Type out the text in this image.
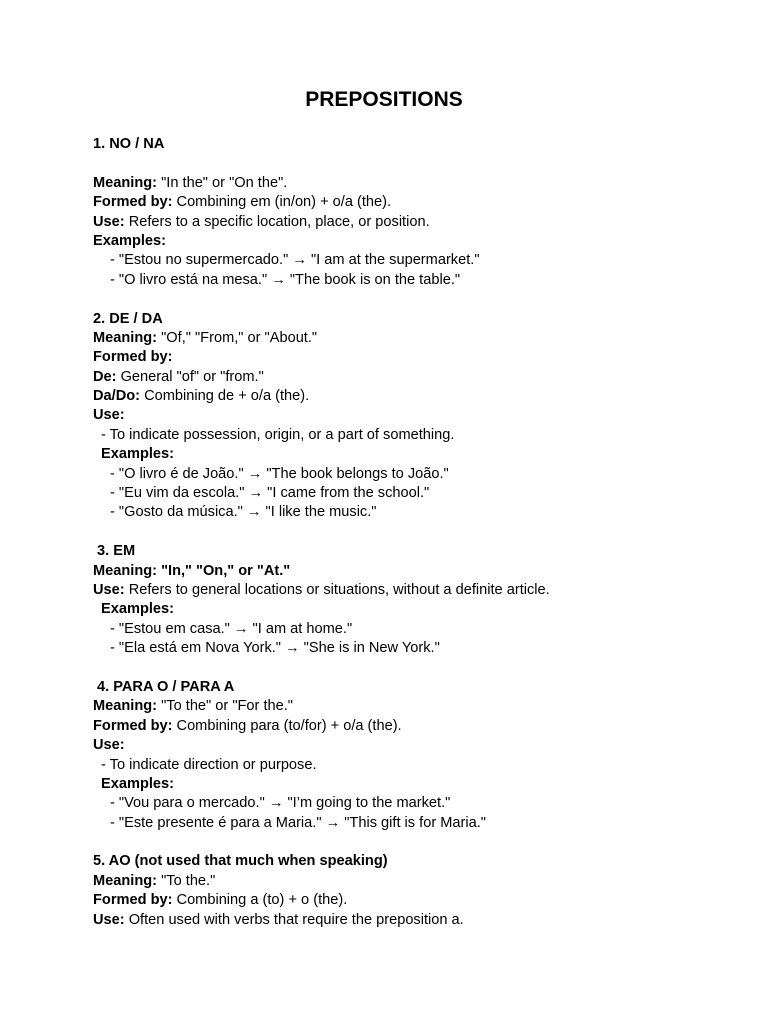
PREPOSITIONS
1. NO / NA
Meaning: "In the" or "On the".
Formed by: Combining em (in/on) + o/a (the).
Use: Refers to a specific location, place, or position.
Examples:
- "Estou no supermercado." → "I am at the supermarket."
- "O livro está na mesa." → "The book is on the table."
2. DE / DA
Meaning: "Of," "From," or "About."
Formed by:
De: General "of" or "from."
Da/Do: Combining de + o/a (the).
Use:
- To indicate possession, origin, or a part of something.
Examples:
- "O livro é de João." → "The book belongs to João."
- "Eu vim da escola." → "I came from the school."
- "Gosto da música." → "I like the music."
3. EM
Meaning: "In," "On," or "At."
Use: Refers to general locations or situations, without a definite article.
Examples:
- "Estou em casa." → "I am at home."
- "Ela está em Nova York." → "She is in New York."
4. PARA O / PARA A
Meaning: "To the" or "For the."
Formed by: Combining para (to/for) + o/a (the).
Use:
- To indicate direction or purpose.
Examples:
- "Vou para o mercado." → "I’m going to the market."
- "Este presente é para a Maria." → "This gift is for Maria."
5. AO (not used that much when speaking)
Meaning: "To the."
Formed by: Combining a (to) + o (the).
Use: Often used with verbs that require the preposition a.
